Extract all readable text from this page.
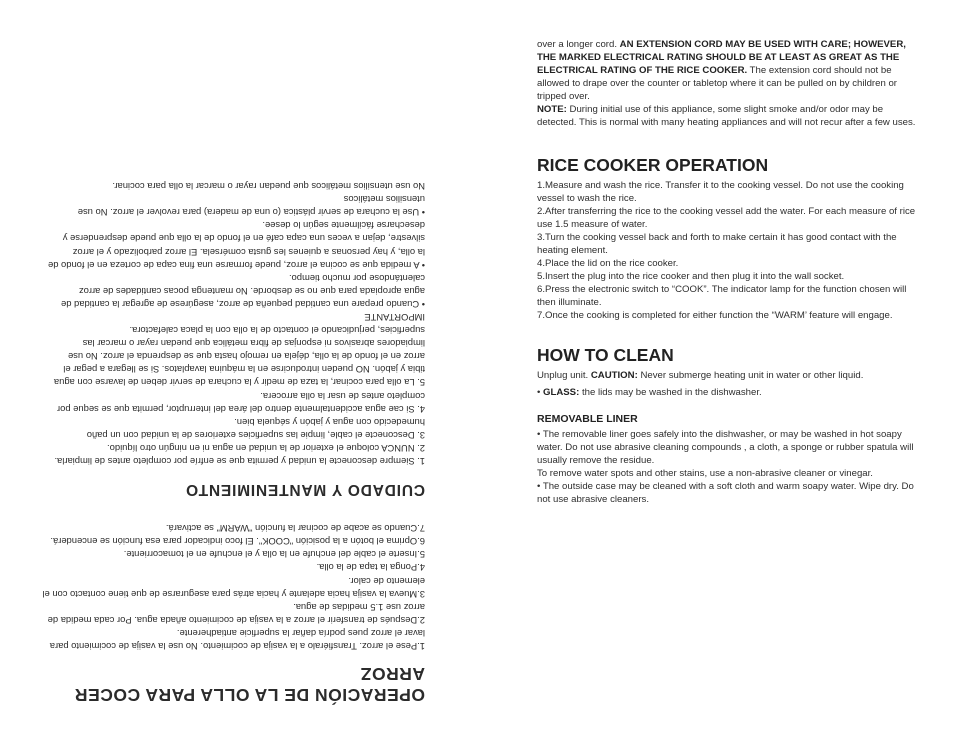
OPERACIÓN DE LA OLLA PARA COCER ARROZ

1.Pese el arroz. Transfiéralo a la vasija de cocimiento. No use la vasija de cocimiento para lavar el arroz pues podría dañar la superficie antiadherente.

2.Después de transferir el arroz a la vasija de cocimiento añada agua. Por cada medida de arroz use 1.5 medidas de agua.

3.Mueva la vasija hacia adelante y hacia atrás para asegurarse de que tiene contacto con el elemento de calor.

4.Ponga la tapa de la olla.

5.Inserte el cable del enchufe en la olla y el enchufe en el tomacorriente.

6.Oprima el botón a la posición "COOK". El foco indicador para esa función se encenderá.

7.Cuando se acabe de cocinar la función "WARM" se activará.

CUIDADO Y MANTENIMIENTO

1. Siempre desconecte la unidad y permita que se enfríe por completo antes de limpiarla.

2. NUNCA coloque el exterior de la unidad en agua ni en ningún otro líquido.

3. Desconecte el cable, limpie las superficies exteriores de la unidad con un paño humedecido con agua y jabón y séquela bien.

4. Si cae agua accidentalmente dentro del área del interruptor, permita que se seque por completo antes de usar la olla arrocera.

5. La olla para cocinar, la taza de medir y la cuchara de servir deben de lavarse con agua tibia y jabón. NO pueden introducirse en la máquina lavaplatos. Si se llegara a pegar el arroz en el fondo de la olla, déjela en remojo hasta que se desprenda el arroz. No use limpiadores abrasivos ni esponjas de fibra metálica que puedan rayar o marcar las superficies, perjudicando el contacto de la olla con la placa calefactora.

IMPORTANTE

• Cuando prepare una cantidad pequeña de arroz, asegúrese de agregar la cantidad de agua apropiada para que no se desborde. No mantenga pocas cantidades de arroz calentándose por mucho tiempo.

• A medida que se cocina el arroz, puede formarse una fina capa de corteza en el fondo de la olla, y hay personas a quienes les gusta comérsela. El arroz parbolizado y el arroz silvestre, dejan a veces una capa café en el fondo de la olla que puede desprenderse y desecharse fácilmente según lo desee.

• Use la cuchara de servir plástica (o una de madera) para revolver el arroz. No use utensilios metálicos

No use utensilios metálicos que puedan rayar o marcar la olla para cocinar.

over a longer cord. AN EXTENSION CORD MAY BE USED WITH CARE; HOWEVER, THE MARKED ELECTRICAL RATING SHOULD BE AT LEAST AS GREAT AS THE ELECTRICAL RATING OF THE RICE COOKER. The extension cord should not be allowed to drape over the counter or tabletop where it can be pulled on by children or tripped over.

NOTE: During initial use of this appliance, some slight smoke and/or odor may be detected. This is normal with many heating appliances and will not recur after a few uses.

RICE COOKER OPERATION

1.Measure and wash the rice. Transfer it to the cooking vessel. Do not use the cooking vessel to wash the rice.

2.After transferring the rice to the cooking vessel add the water. For each measure of rice use 1.5 measure of water.

3.Turn the cooking vessel back and forth to make certain it has good contact with the heating element.

4.Place the lid on the rice cooker.

5.Insert the plug into the rice cooker and then plug it into the wall socket.

6.Press the electronic switch to “COOK”. The indicator lamp for the function chosen will then illuminate.

7.Once the cooking is completed for either function the “WARM’ feature will engage.

HOW TO CLEAN

Unplug unit. CAUTION: Never submerge heating unit in water or other liquid.

• GLASS: the lids may be washed in the dishwasher.

REMOVABLE LINER

• The removable liner goes safely into the dishwasher, or may be washed in hot soapy water. Do not use abrasive cleaning compounds , a cloth, a sponge or rubber spatula will usually remove the residue.

To remove water spots and other stains, use a non-abrasive cleaner or vinegar.

• The outside case may be cleaned with a soft cloth and warm soapy water. Wipe dry. Do not use abrasive cleaners.
